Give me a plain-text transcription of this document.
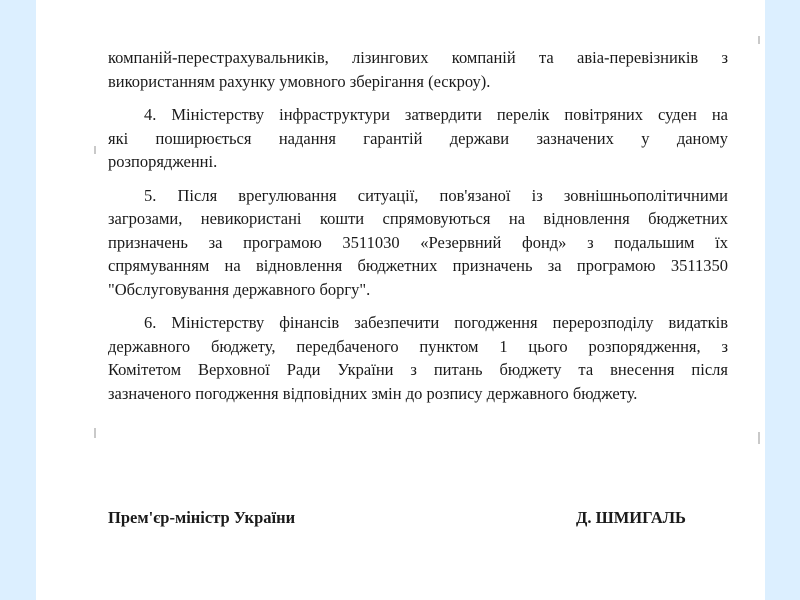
компаній-перестрахувальників, лізингових компаній та авіа-перевізників з
використанням рахунку умовного зберігання (ескроу).

4. Міністерству інфраструктури затвердити перелік повітряних суден на
які поширюється надання гарантій держави зазначених у даному
розпорядженні.

5. Після врегулювання ситуації, пов'язаної із зовнішньополітичними
загрозами, невикористані кошти спрямовуються на відновлення бюджетних
призначень за програмою 3511030 «Резервний фонд» з подальшим їх
спрямуванням на відновлення бюджетних призначень за програмою 3511350
"Обслуговування державного боргу".

6. Міністерству фінансів забезпечити погодження перерозподілу видатків
державного бюджету, передбаченого пунктом 1 цього розпорядження, з
Комітетом Верховної Ради України з питань бюджету та внесення після
зазначеного погодження відповідних змін до розпису державного бюджету.

Прем'єр-міністр України	Д. ШМИГАЛЬ
